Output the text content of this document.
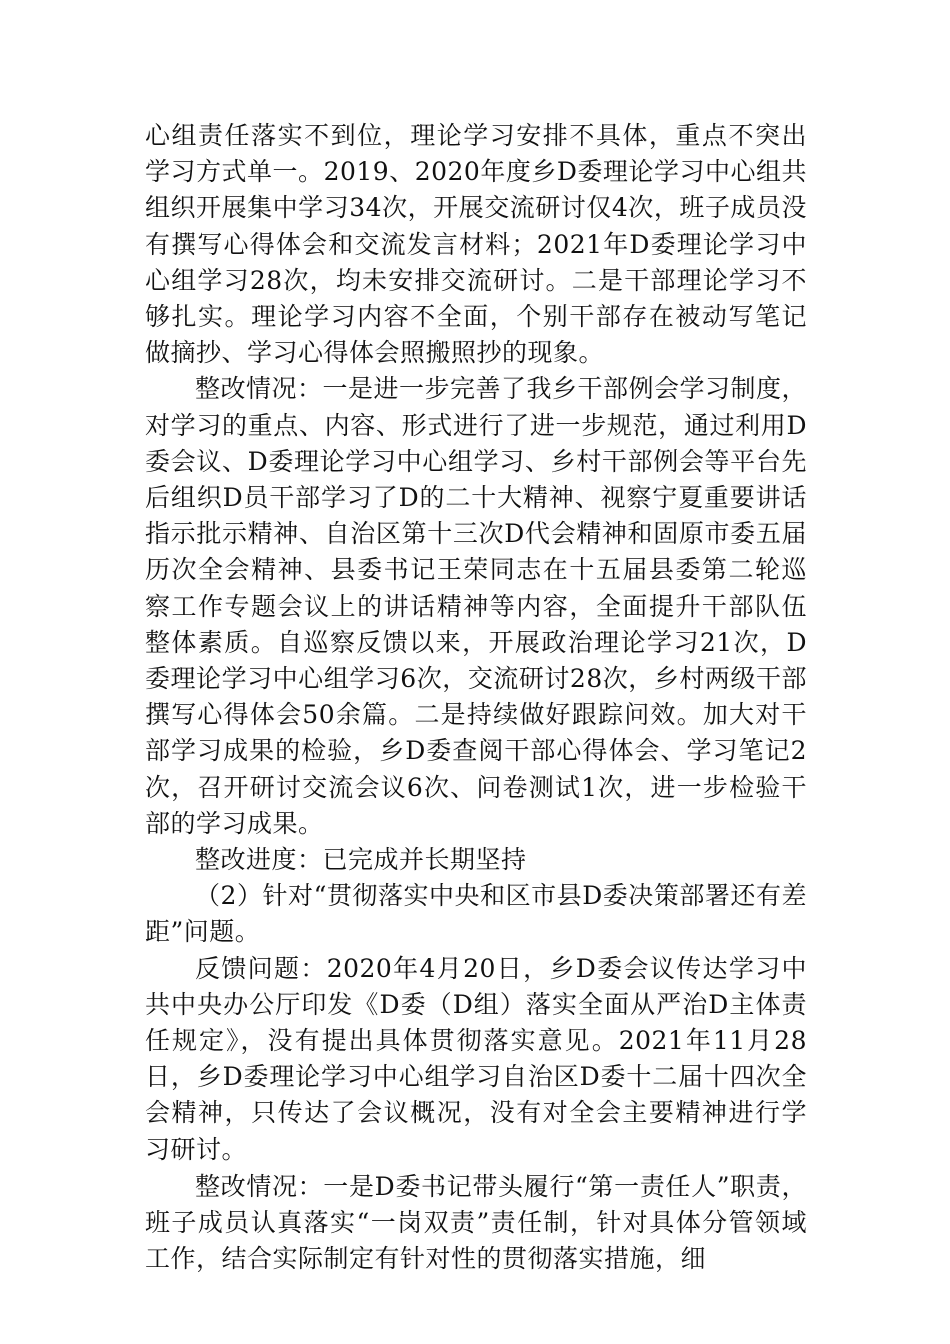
心组责任落实不到位，理论学习安排不具体，重点不突出学习方式单一。2019、2020年度乡D委理论学习中心组共组织开展集中学习34次，开展交流研讨仅4次，班子成员没有撰写心得体会和交流发言材料；2021年D委理论学习中心组学习28次，均未安排交流研讨。二是干部理论学习不够扎实。理论学习内容不全面，个别干部存在被动写笔记做摘抄、学习心得体会照搬照抄的现象。

整改情况：一是进一步完善了我乡干部例会学习制度，对学习的重点、内容、形式进行了进一步规范，通过利用D委会议、D委理论学习中心组学习、乡村干部例会等平台先后组织D员干部学习了D的二十大精神、视察宁夏重要讲话指示批示精神、自治区第十三次D代会精神和固原市委五届历次全会精神、县委书记王荣同志在十五届县委第二轮巡察工作专题会议上的讲话精神等内容，全面提升干部队伍整体素质。自巡察反馈以来，开展政治理论学习21次，D委理论学习中心组学习6次，交流研讨28次，乡村两级干部撰写心得体会50余篇。二是持续做好跟踪问效。加大对干部学习成果的检验，乡D委查阅干部心得体会、学习笔记2次，召开研讨交流会议6次、问卷测试1次，进一步检验干部的学习成果。

整改进度：已完成并长期坚持

（2）针对“贯彻落实中央和区市县D委决策部署还有差距”问题。

反馈问题：2020年4月20日，乡D委会议传达学习中共中央办公厅印发《D委（D组）落实全面从严治D主体责任规定》，没有提出具体贯彻落实意见。2021年11月28日，乡D委理论学习中心组学习自治区D委十二届十四次全会精神，只传达了会议概况，没有对全会主要精神进行学习研讨。

整改情况：一是D委书记带头履行“第一责任人”职责，班子成员认真落实“一岗双责”责任制，针对具体分管领域工作，结合实际制定有针对性的贯彻落实措施，细
